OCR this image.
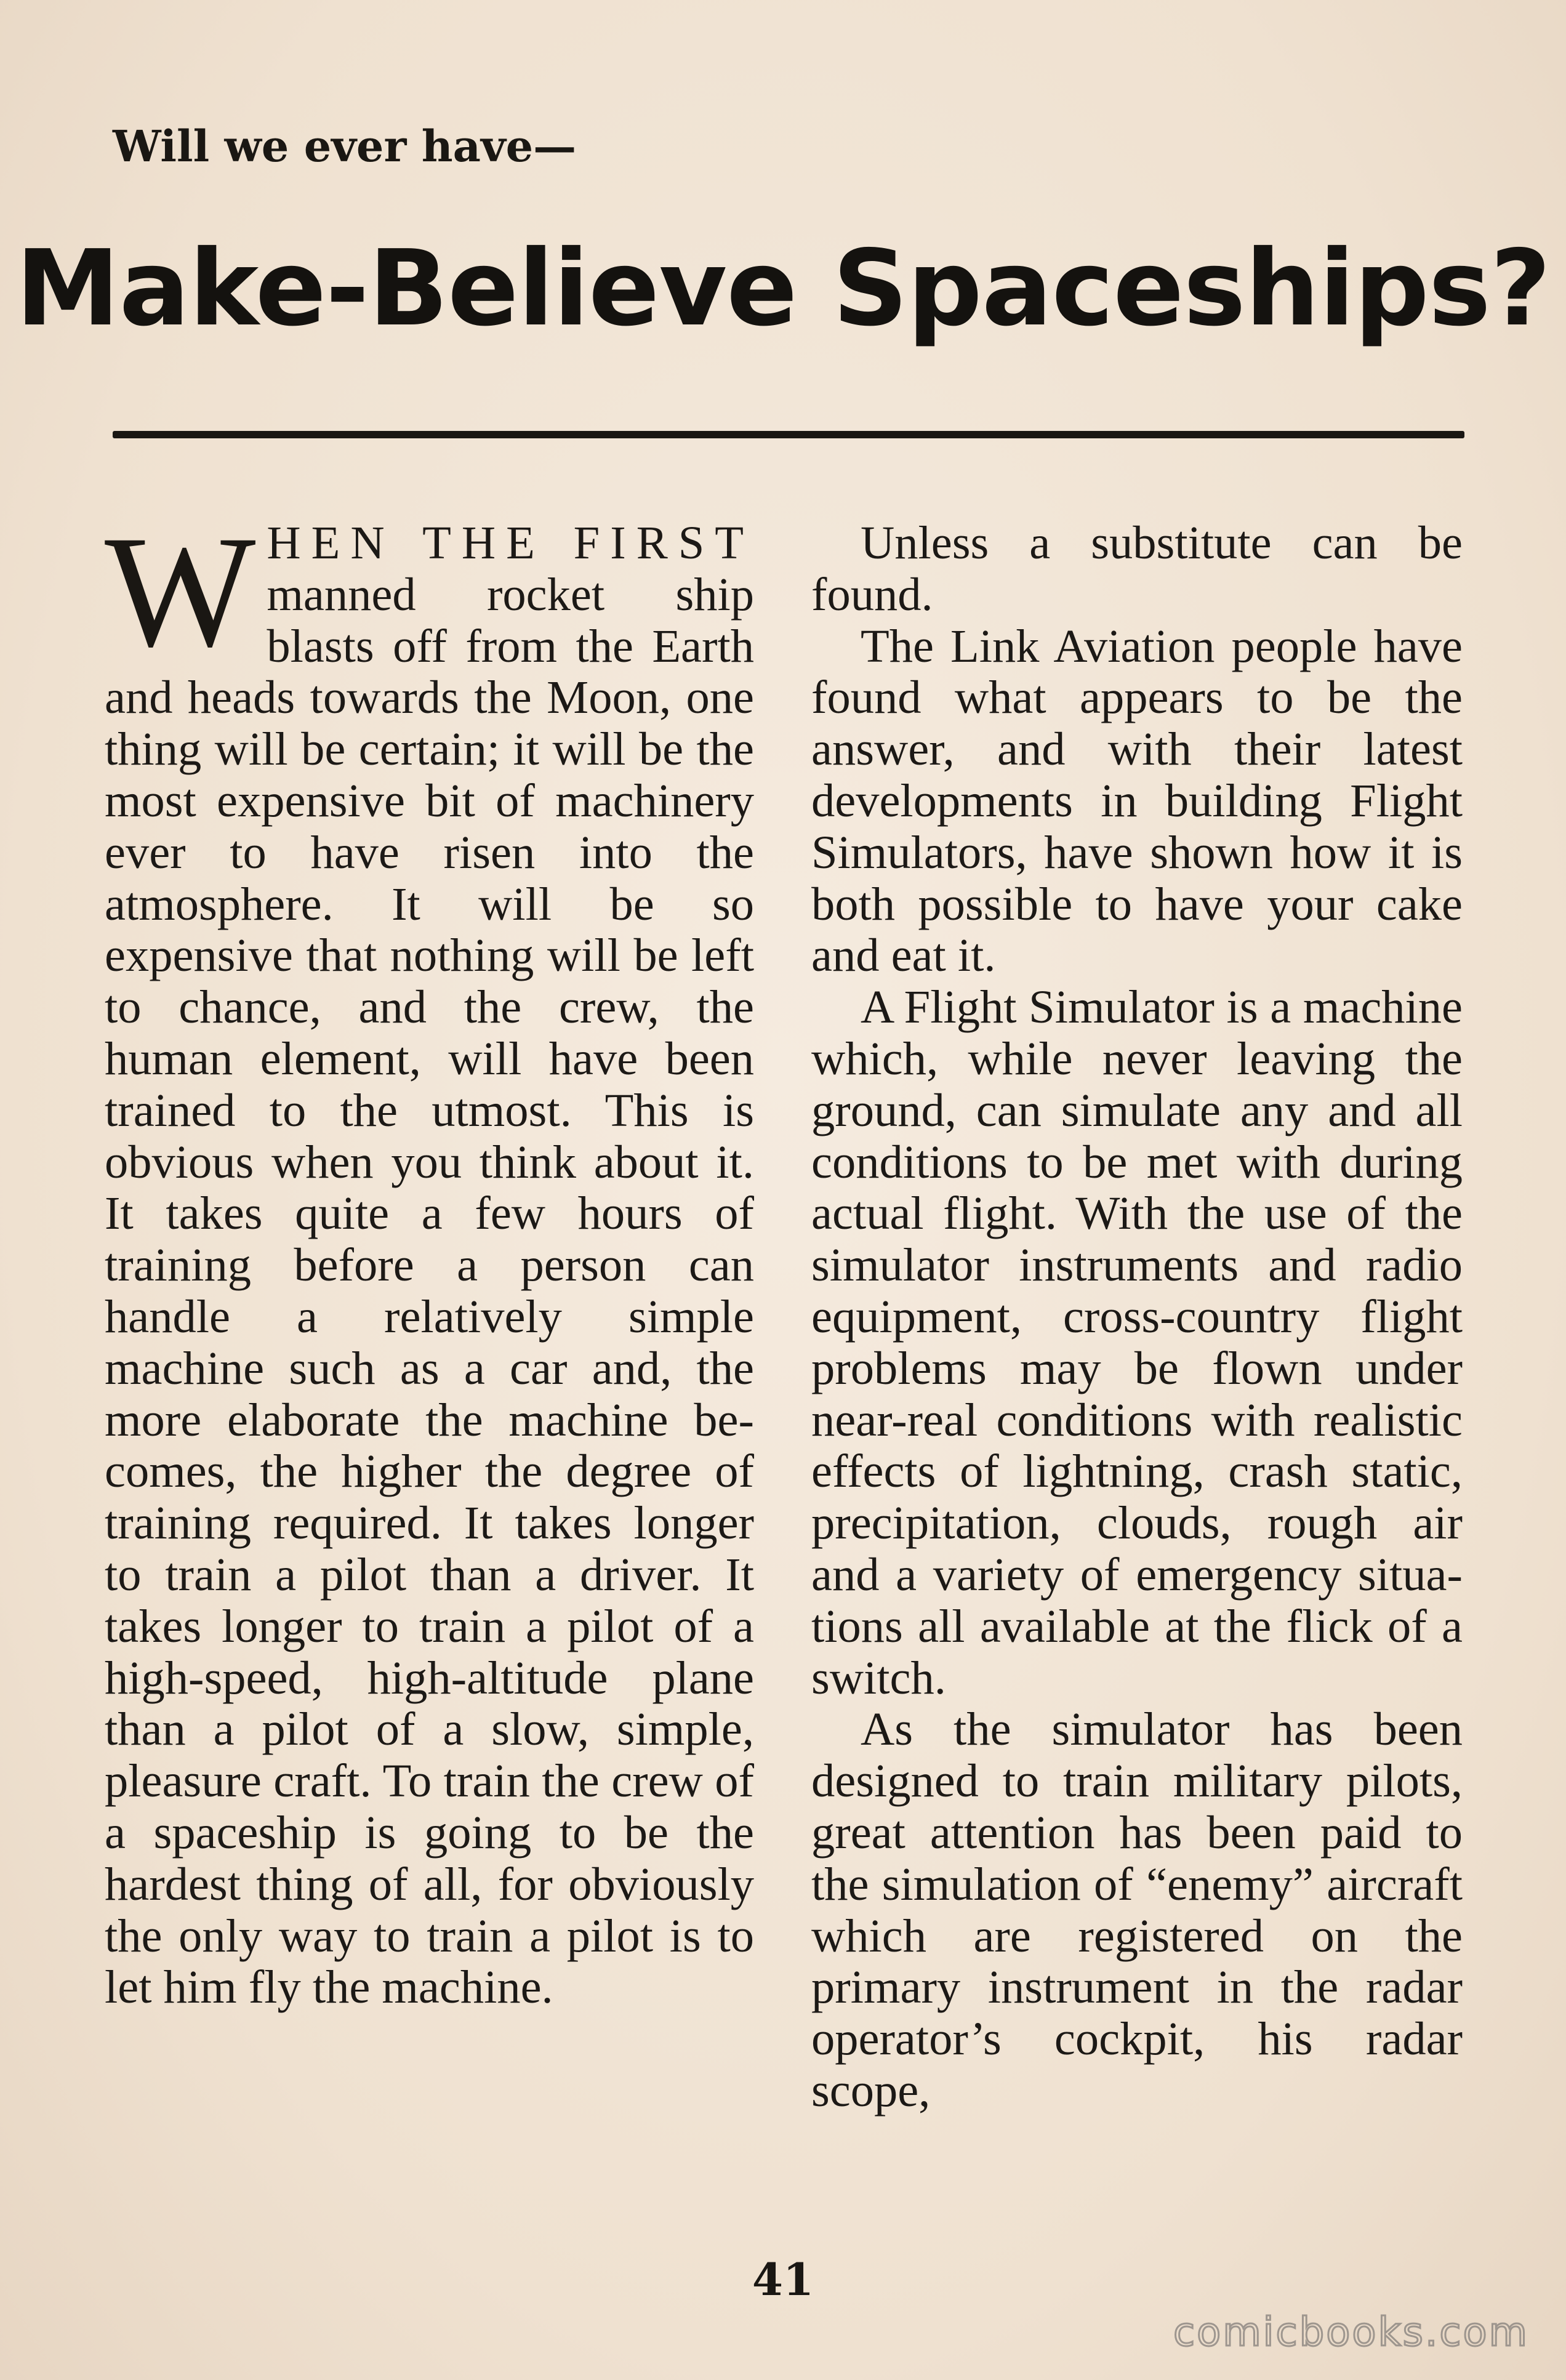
Will we ever have—
Make-Believe Spaceships?

WHEN THE FIRST manned rocket ship blasts off from the Earth and heads towards the Moon, one thing will be certain; it will be the most expensive bit of machinery ever to have risen into the atmosphere. It will be so expensive that nothing will be left to chance, and the crew, the human element, will have been trained to the utmost. This is obvious when you think about it. It takes quite a few hours of training before a person can handle a relatively simple machine such as a car and, the more elaborate the machine becomes, the higher the degree of training required. It takes longer to train a pilot than a driver. It takes longer to train a pilot of a high-speed, high-altitude plane than a pilot of a slow, simple, pleasure craft. To train the crew of a spaceship is going to be the hardest thing of all, for obviously the only way to train a pilot is to let him fly the machine.

Unless a substitute can be found.

The Link Aviation people have found what appears to be the answer, and with their latest developments in building Flight Simulators, have shown how it is both possible to have your cake and eat it.

A Flight Simulator is a machine which, while never leaving the ground, can simulate any and all conditions to be met with during actual flight. With the use of the simulator instruments and radio equipment, cross-country flight problems may be flown under near-real conditions with realistic effects of lightning, crash static, precipitation, clouds, rough air and a variety of emergency situations all available at the flick of a switch.

As the simulator has been designed to train military pilots, great attention has been paid to the simulation of “enemy” aircraft which are registered on the primary instrument in the radar operator’s cockpit, his radar scope,

41
comicbooks.com
